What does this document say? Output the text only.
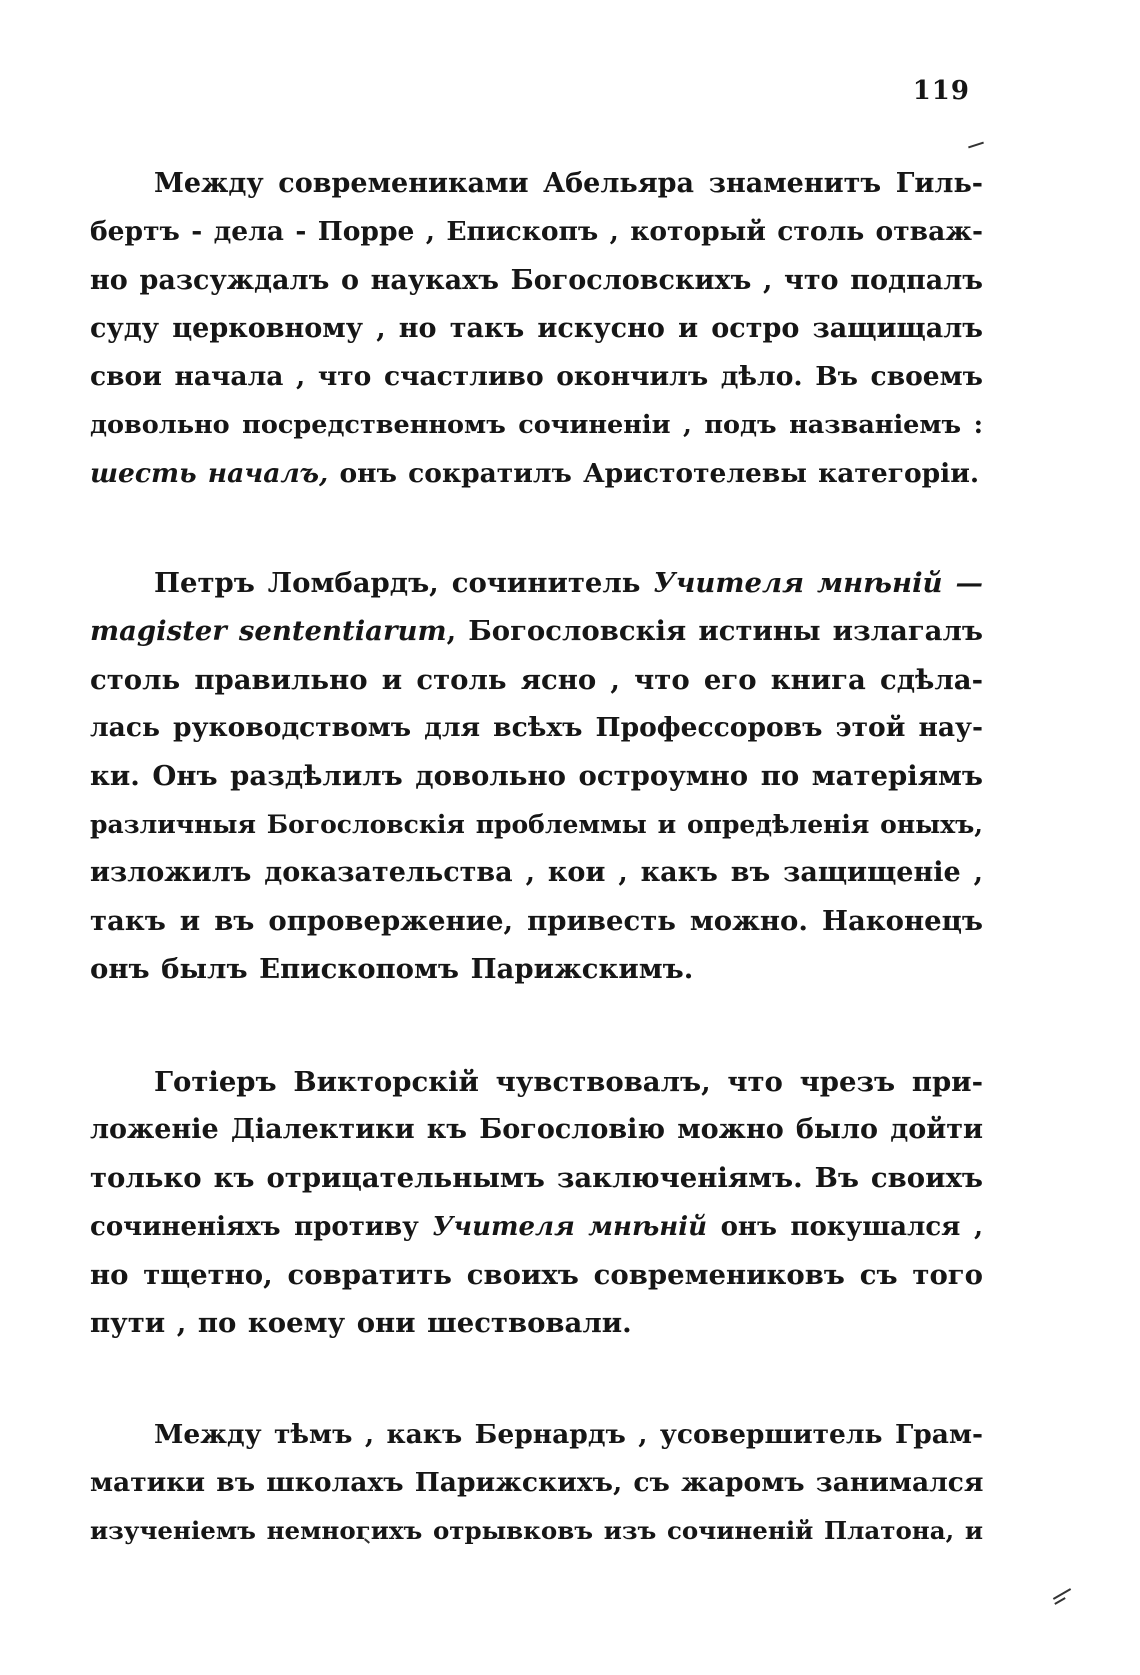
119

Между современиками Абельяра знаменитъ Гиль-
бертъ - дела - Порре , Епископъ , который столь отваж-
но разсуждалъ о наукахъ Богословскихъ , что подпалъ
суду церковному , но такъ искусно и остро защищалъ
свои начала , что счастливо окончилъ дѣло. Въ своемъ
довольно посредственномъ сочиненіи , подъ названіемъ :
шесть началъ, онъ сократилъ Аристотелевы категоріи.

Петръ Ломбардъ, сочинитель Учителя мнѣній —
magister sententiarum, Богословскія истины излагалъ
столь правильно и столь ясно , что его книга сдѣла-
лась руководствомъ для всѣхъ Профессоровъ этой нау-
ки. Онъ раздѣлилъ довольно остроумно по матеріямъ
различныя Богословскія проблеммы и опредѣленія оныхъ,
изложилъ доказательства , кои , какъ въ защищеніе ,
такъ и въ опровержение, привесть можно. Наконецъ
онъ былъ Епископомъ Парижскимъ.

Готіеръ Викторскій чувствовалъ, что чрезъ при-
ложеніе Діалектики къ Богословію можно было дойти
только къ отрицательнымъ заключеніямъ. Въ своихъ
сочиненіяхъ противу Учителя мнѣній онъ покушался ,
но тщетно, совратить своихъ современиковъ съ того
пути , по коему они шествовали.

Между тѣмъ , какъ Бернардъ , усовершитель Грам-
матики въ школахъ Парижскихъ, съ жаромъ занимался
изученіемъ немногихъ отрывковъ изъ сочиненій Платона, и
